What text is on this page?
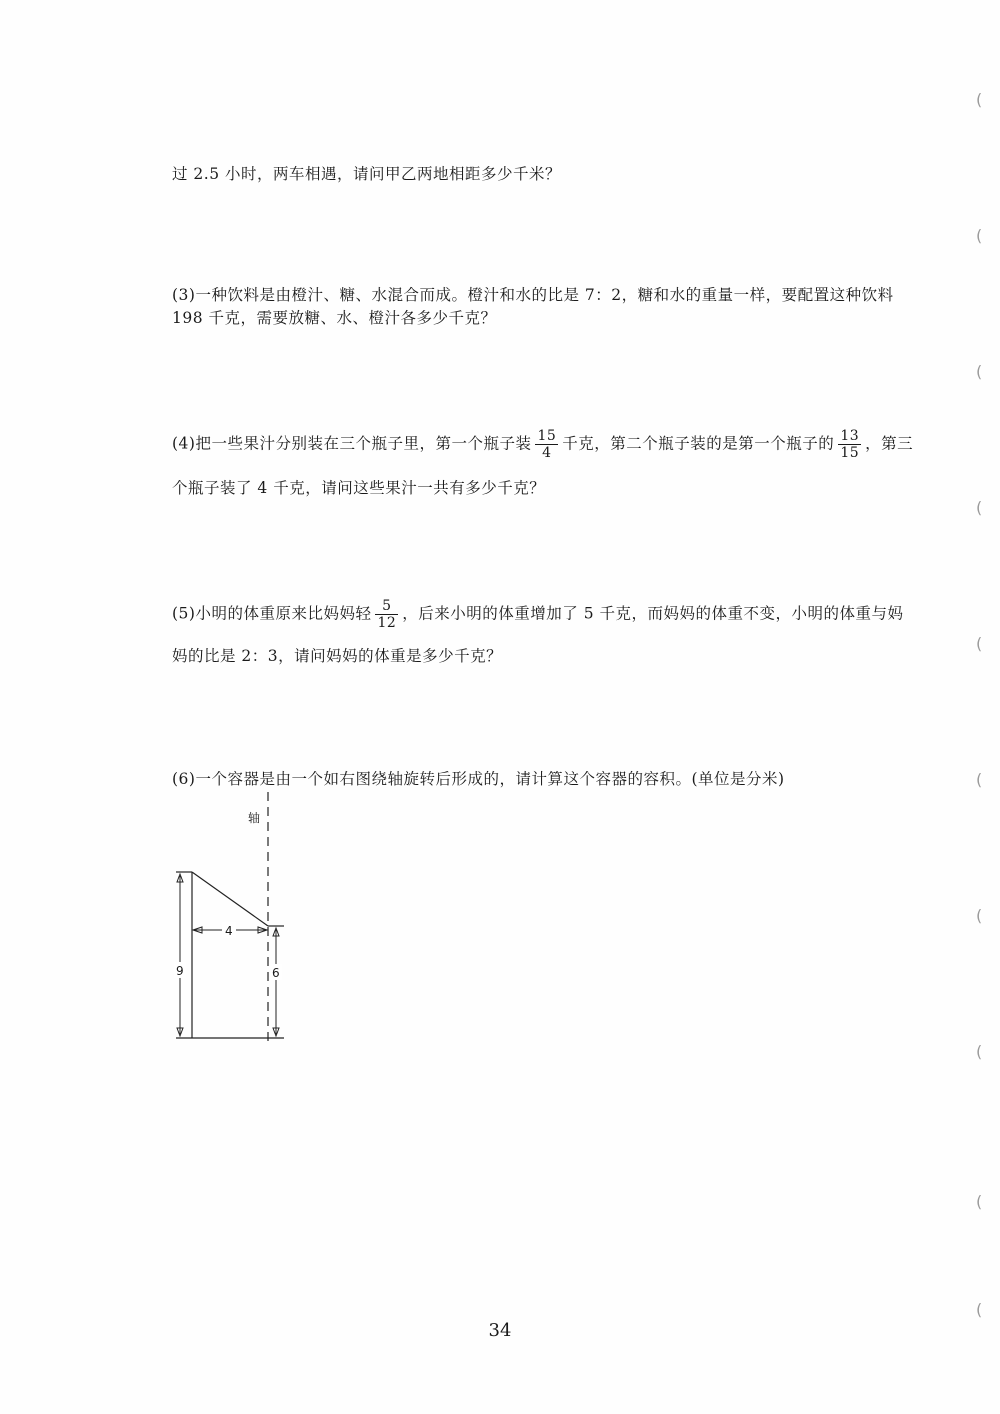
过 2.5 小时，两车相遇，请问甲乙两地相距多少千米？
(3)一种饮料是由橙汁、糖、水混合而成。橙汁和水的比是 7：2，糖和水的重量一样，要配置这种饮料
198 千克，需要放糖、水、橙汁各多少千克？
(4)把一些果汁分别装在三个瓶子里，第一个瓶子装 $\frac{15}{4}$ 千克，第二个瓶子装的是第一个瓶子的 $\frac{13}{15}$ ，第三
个瓶子装了 4 千克，请问这些果汁一共有多少千克？
(5)小明的体重原来比妈妈轻 $\frac{5}{12}$ ，后来小明的体重增加了 5 千克，而妈妈的体重不变，小明的体重与妈
妈的比是 2：3，请问妈妈的体重是多少千克？
(6)一个容器是由一个如右图绕轴旋转后形成的，请计算这个容器的容积。(单位是分米)
轴
9	6
4
34
(
(
(
(
(
(
(
(
(
(
